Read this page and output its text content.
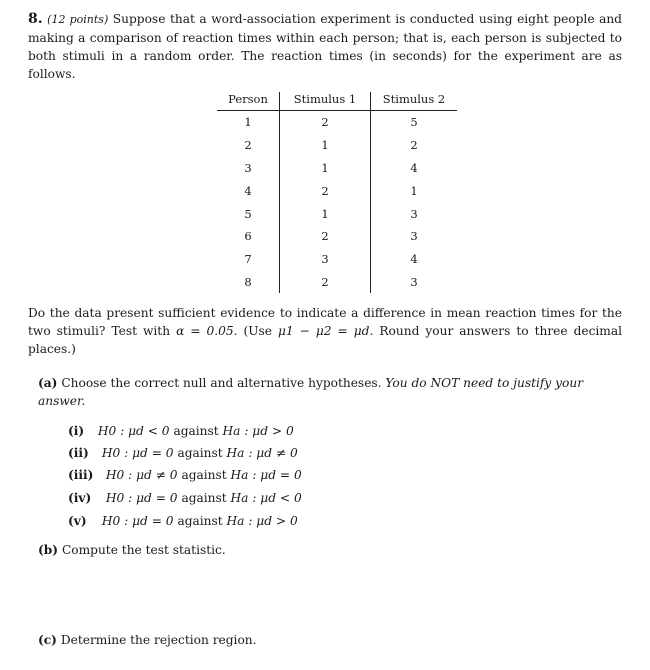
8. (12 points) Suppose that a word-association experiment is conducted using eight people and making a comparison of reaction times within each person; that is, each person is subjected to both stimuli in a random order. The reaction times (in seconds) for the experiment are as follows.

Person	Stimulus 1	Stimulus 2
1	2	5
2	1	2
3	1	4
4	2	1
5	1	3
6	2	3
7	3	4
8	2	3

Do the data present sufficient evidence to indicate a difference in mean reaction times for the two stimuli? Test with α = 0.05. (Use μ1 − μ2 = μd. Round your answers to three decimal places.)

(a) Choose the correct null and alternative hypotheses. You do NOT need to justify your answer.
(i) H0 : μd < 0 against Ha : μd > 0
(ii) H0 : μd = 0 against Ha : μd ≠ 0
(iii) H0 : μd ≠ 0 against Ha : μd = 0
(iv) H0 : μd = 0 against Ha : μd < 0
(v) H0 : μd = 0 against Ha : μd > 0
(b) Compute the test statistic.
(c) Determine the rejection region.
